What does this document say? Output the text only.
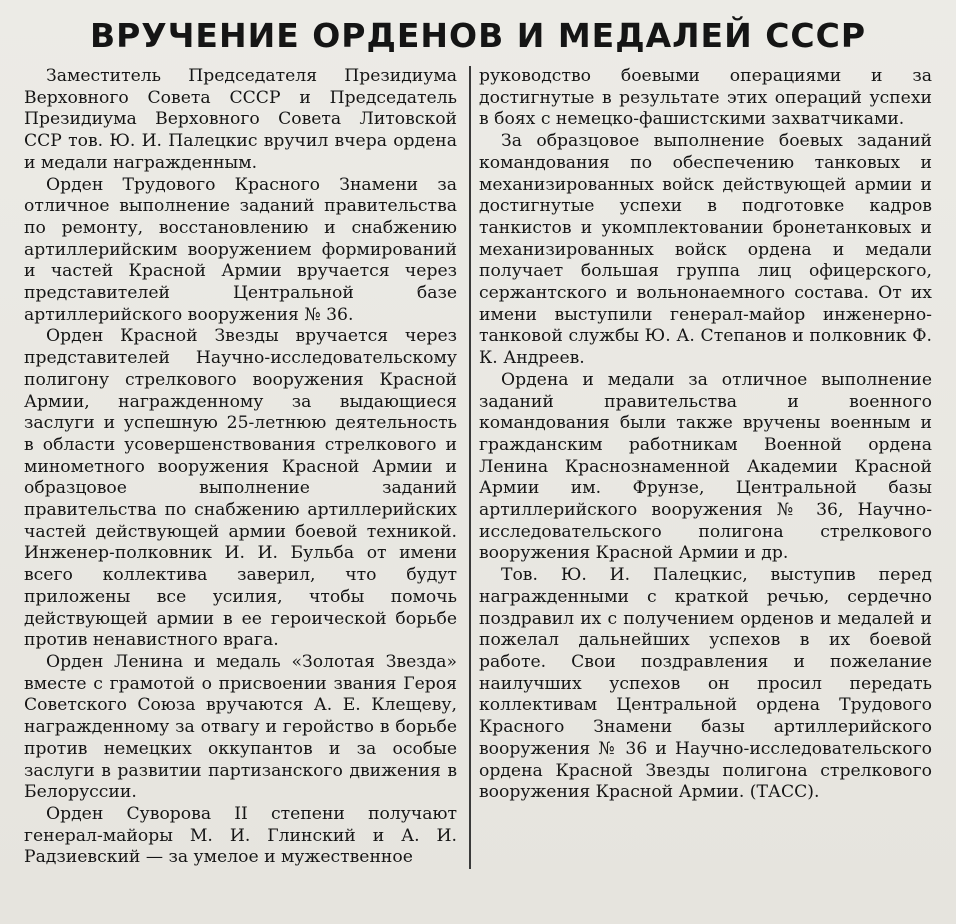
ВРУЧЕНИЕ ОРДЕНОВ И МЕДАЛЕЙ СССР

Заместитель Председателя Президиума Верховного Совета СССР и Председатель Президиума Верховного Совета Литовской ССР тов. Ю. И. Палецкис вручил вчера ордена и медали награжденным.

Орден Трудового Красного Знамени за отличное выполнение заданий правительства по ремонту, восстановлению и снабжению артиллерийским вооружением формирований и частей Красной Армии вручается через представителей Центральной базе артиллерийского вооружения № 36.

Орден Красной Звезды вручается через представителей Научно-исследовательскому полигону стрелкового вооружения Красной Армии, награжденному за выдающиеся заслуги и успешную 25-летнюю деятельность в области усовершенствования стрелкового и минометного вооружения Красной Армии и образцовое выполнение заданий правительства по снабжению артиллерийских частей действующей армии боевой техникой. Инженер-полковник И. И. Бульба от имени всего коллектива заверил, что будут приложены все усилия, чтобы помочь действующей армии в ее героической борьбе против ненавистного врага.

Орден Ленина и медаль «Золотая Звезда» вместе с грамотой о присвоении звания Героя Советского Союза вручаются А. Е. Клещеву, награжденному за отвагу и геройство в борьбе против немецких оккупантов и за особые заслуги в развитии партизанского движения в Белоруссии.

Орден Суворова II степени получают генерал-майоры М. И. Глинский и А. И. Радзиевский — за умелое и мужественное

руководство боевыми операциями и за достигнутые в результате этих операций успехи в боях с немецко-фашистскими захватчиками.

За образцовое выполнение боевых заданий командования по обеспечению танковых и механизированных войск действующей армии и достигнутые успехи в подготовке кадров танкистов и укомплектовании бронетанковых и механизированных войск ордена и медали получает большая группа лиц офицерского, сержантского и вольнонаемного состава. От их имени выступили генерал-майор инженерно-танковой службы Ю. А. Степанов и полковник Ф. К. Андреев.

Ордена и медали за отличное выполнение заданий правительства и военного командования были также вручены военным и гражданским работникам Военной ордена Ленина Краснознаменной Академии Красной Армии им. Фрунзе, Центральной базы артиллерийского вооружения № 36, Научно-исследовательского полигона стрелкового вооружения Красной Армии и др.

Тов. Ю. И. Палецкис, выступив перед награжденными с краткой речью, сердечно поздравил их с получением орденов и медалей и пожелал дальнейших успехов в их боевой работе. Свои поздравления и пожелание наилучших успехов он просил передать коллективам Центральной ордена Трудового Красного Знамени базы артиллерийского вооружения № 36 и Научно-исследовательского ордена Красной Звезды полигона стрелкового вооружения Красной Армии. (ТАСС).
